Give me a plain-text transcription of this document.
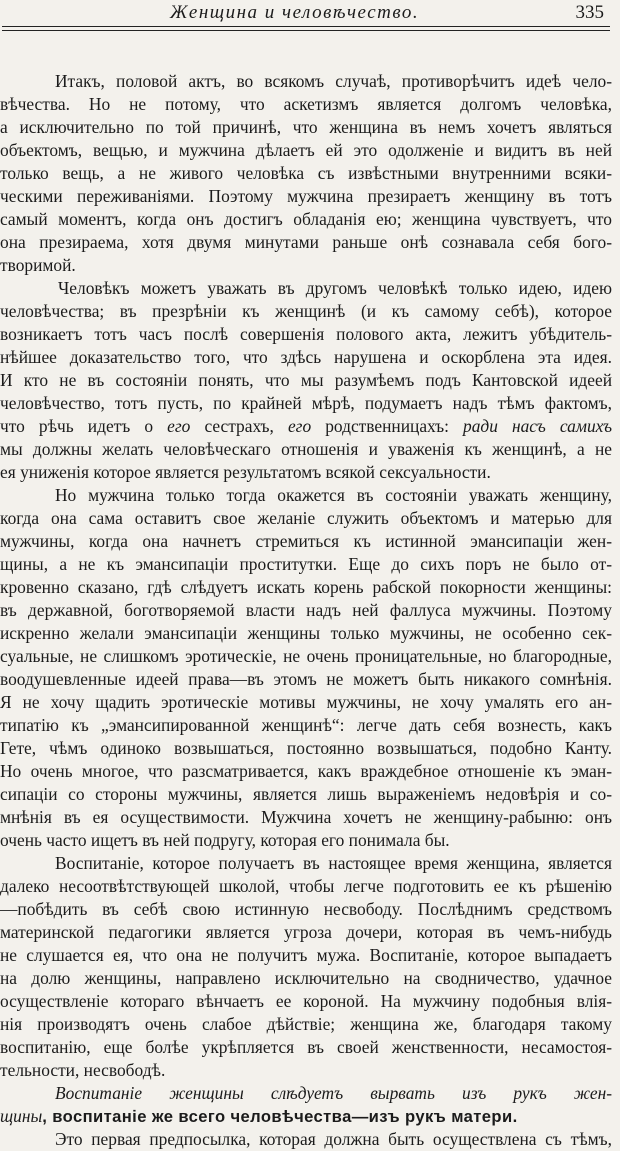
Женщина и человѣчество.	335
Итакъ, половой актъ, во всякомъ случаѣ, противорѣчитъ идеѣ чело-
вѣчества. Но не потому, что аскетизмъ является долгомъ человѣка,
а исключительно по той причинѣ, что женщина въ немъ хочетъ являться
объектомъ, вещью, и мужчина дѣлаетъ ей это одолженіе и видитъ въ ней
только вещь, а не живого человѣка съ извѣстными внутренними всяки-
ческими переживаніями. Поэтому мужчина презираетъ женщину въ тотъ
самый моментъ, когда онъ достигъ обладанія ею; женщина чувствуетъ, что
она презираема, хотя двумя минутами раньше онѣ сознавала себя бого-
творимой.
Человѣкъ можетъ уважать въ другомъ человѣкѣ только идею, идею
человѣчества; въ презрѣніи къ женщинѣ (и къ самому себѣ), которое
возникаетъ тотъ часъ послѣ совершенія полового акта, лежитъ убѣдитель-
нѣйшее доказательство того, что здѣсь нарушена и оскорблена эта идея.
И кто не въ состояніи понять, что мы разумѣемъ подъ Кантовской идеей
человѣчество, тотъ пусть, по крайней мѣрѣ, подумаетъ надъ тѣмъ фактомъ,
что рѣчь идетъ о его сестрахъ, его родственницахъ: ради насъ самихъ
мы должны желать человѣческаго отношенія и уваженія къ женщинѣ, а не
ея униженія которое является результатомъ всякой сексуальности.
Но мужчина только тогда окажется въ состояніи уважать женщину,
когда она сама оставитъ свое желаніе служить объектомъ и матерью для
мужчины, когда она начнетъ стремиться къ истинной эмансипаціи жен-
щины, а не къ эмансипаціи проститутки. Еще до сихъ поръ не было от-
кровенно сказано, гдѣ слѣдуетъ искать корень рабской покорности женщины:
въ державной, боготворяемой власти надъ ней фаллуса мужчины. Поэтому
искренно желали эмансипаціи женщины только мужчины, не особенно сек-
суальные, не слишкомъ эротическіе, не очень проницательные, но благородные,
воодушевленные идеей права—въ этомъ не можетъ быть никакого сомнѣнія.
Я не хочу щадить эротическіе мотивы мужчины, не хочу умалять его ан-
типатію къ „эмансипированной женщинѣ“: легче дать себя вознесть, какъ
Гете, чѣмъ одиноко возвышаться, постоянно возвышаться, подобно Канту.
Но очень многое, что разсматривается, какъ враждебное отношеніе къ эман-
сипаціи со стороны мужчины, является лишь выраженіемъ недовѣрія и со-
мнѣнія въ ея осуществимости. Мужчина хочетъ не женщину-рабыню: онъ
очень часто ищетъ въ ней подругу, которая его понимала бы.
Воспитаніе, которое получаетъ въ настоящее время женщина, является
далеко несоотвѣтствующей школой, чтобы легче подготовить ее къ рѣшенію
—побѣдить въ себѣ свою истинную несвободу. Послѣднимъ средствомъ
материнской педагогики является угроза дочери, которая въ чемъ-нибудь
не слушается ея, что она не получитъ мужа. Воспитаніе, которое выпадаетъ
на долю женщины, направлено исключительно на сводничество, удачное
осуществленіе котораго вѣнчаетъ ее короной. На мужчину подобныя влія-
нія производятъ очень слабое дѣйствіе; женщина же, благодаря такому
воспитанію, еще болѣе укрѣпляется въ своей женственности, несамостоя-
тельности, несвободѣ.
Воспитаніе женщины слѣдуетъ вырвать изъ рукъ жен-
щины, воспитаніе же всего человѣчества—изъ рукъ матери.
Это первая предпосылка, которая должна быть осуществлена съ тѣмъ,
